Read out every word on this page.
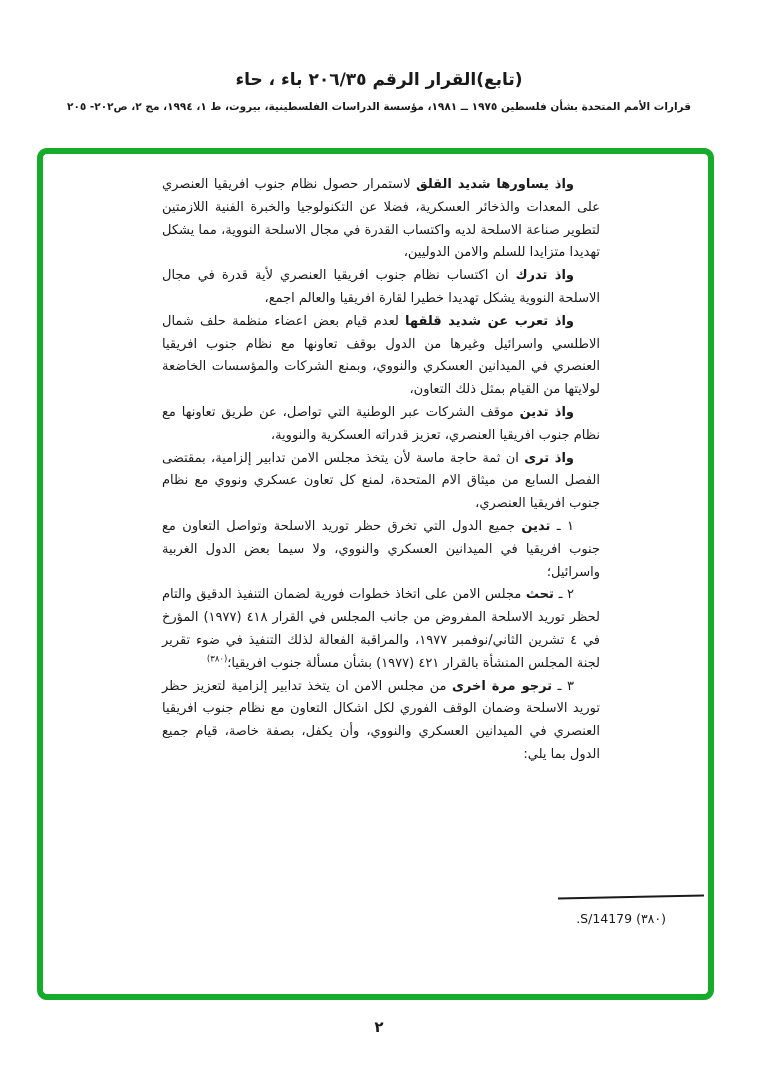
(تابع)القرار الرقم ٢٠٦/٣٥ باء ، حاء
قرارات الأمم المتحدة بشأن فلسطين ١٩٧٥ ــ ١٩٨١، مؤسسة الدراسات الفلسطينية، بيروت، ط ١، ١٩٩٤، مج ٢، ص٢٠٢- ٢٠٥

واذ يساورها شديد القلق لاستمرار حصول نظام جنوب افريقيا العنصري على المعدات والذخائر العسكرية، فضلا عن التكنولوجيا والخبرة الفنية اللازمتين لتطوير صناعة الاسلحة لديه واكتساب القدرة في مجال الاسلحة النووية، مما يشكل تهديدا متزايدا للسلم والامن الدوليين،

واذ تدرك ان اكتساب نظام جنوب افريقيا العنصري لأية قدرة في مجال الاسلحة النووية يشكل تهديدا خطيرا لقارة افريقيا والعالم اجمع،

واذ تعرب عن شديد قلقها لعدم قيام بعض اعضاء منظمة حلف شمال الاطلسي واسرائيل وغيرها من الدول بوقف تعاونها مع نظام جنوب افريقيا العنصري في الميدانين العسكري والنووي، وبمنع الشركات والمؤسسات الخاضعة لولايتها من القيام بمثل ذلك التعاون،

واذ تدين موقف الشركات عبر الوطنية التي تواصل، عن طريق تعاونها مع نظام جنوب افريقيا العنصري، تعزيز قدراته العسكرية والنووية،

واذ ترى ان ثمة حاجة ماسة لأن يتخذ مجلس الامن تدابير إلزامية، بمقتضى الفصل السابع من ميثاق الام المتحدة، لمنع كل تعاون عسكري ونووي مع نظام جنوب افريقيا العنصري،

١ ـ تدين جميع الدول التي تخرق حظر توريد الاسلحة وتواصل التعاون مع جنوب افريقيا في الميدانين العسكري والنووي، ولا سيما بعض الدول الغربية واسرائيل؛

٢ ـ تحث مجلس الامن على اتخاذ خطوات فورية لضمان التنفيذ الدقيق والتام لحظر توريد الاسلحة المفروض من جانب المجلس في القرار ٤١٨ (١٩٧٧) المؤرخ في ٤ تشرين الثاني/نوفمبر ١٩٧٧، والمراقبة الفعالة لذلك التنفيذ في ضوء تقرير لجنة المجلس المنشأة بالقرار ٤٢١ (١٩٧٧) بشأن مسألة جنوب افريقيا؛$^{(٣٨٠)}$

٣ ـ ترجو مرة اخرى من مجلس الامن ان يتخذ تدابير إلزامية لتعزيز حظر توريد الاسلحة وضمان الوقف الفوري لكل اشكال التعاون مع نظام جنوب افريقيا العنصري في الميدانين العسكري والنووي، وأن يكفل، بصفة خاصة، قيام جميع الدول بما يلي:

(٣٨٠) S/14179.
٢
